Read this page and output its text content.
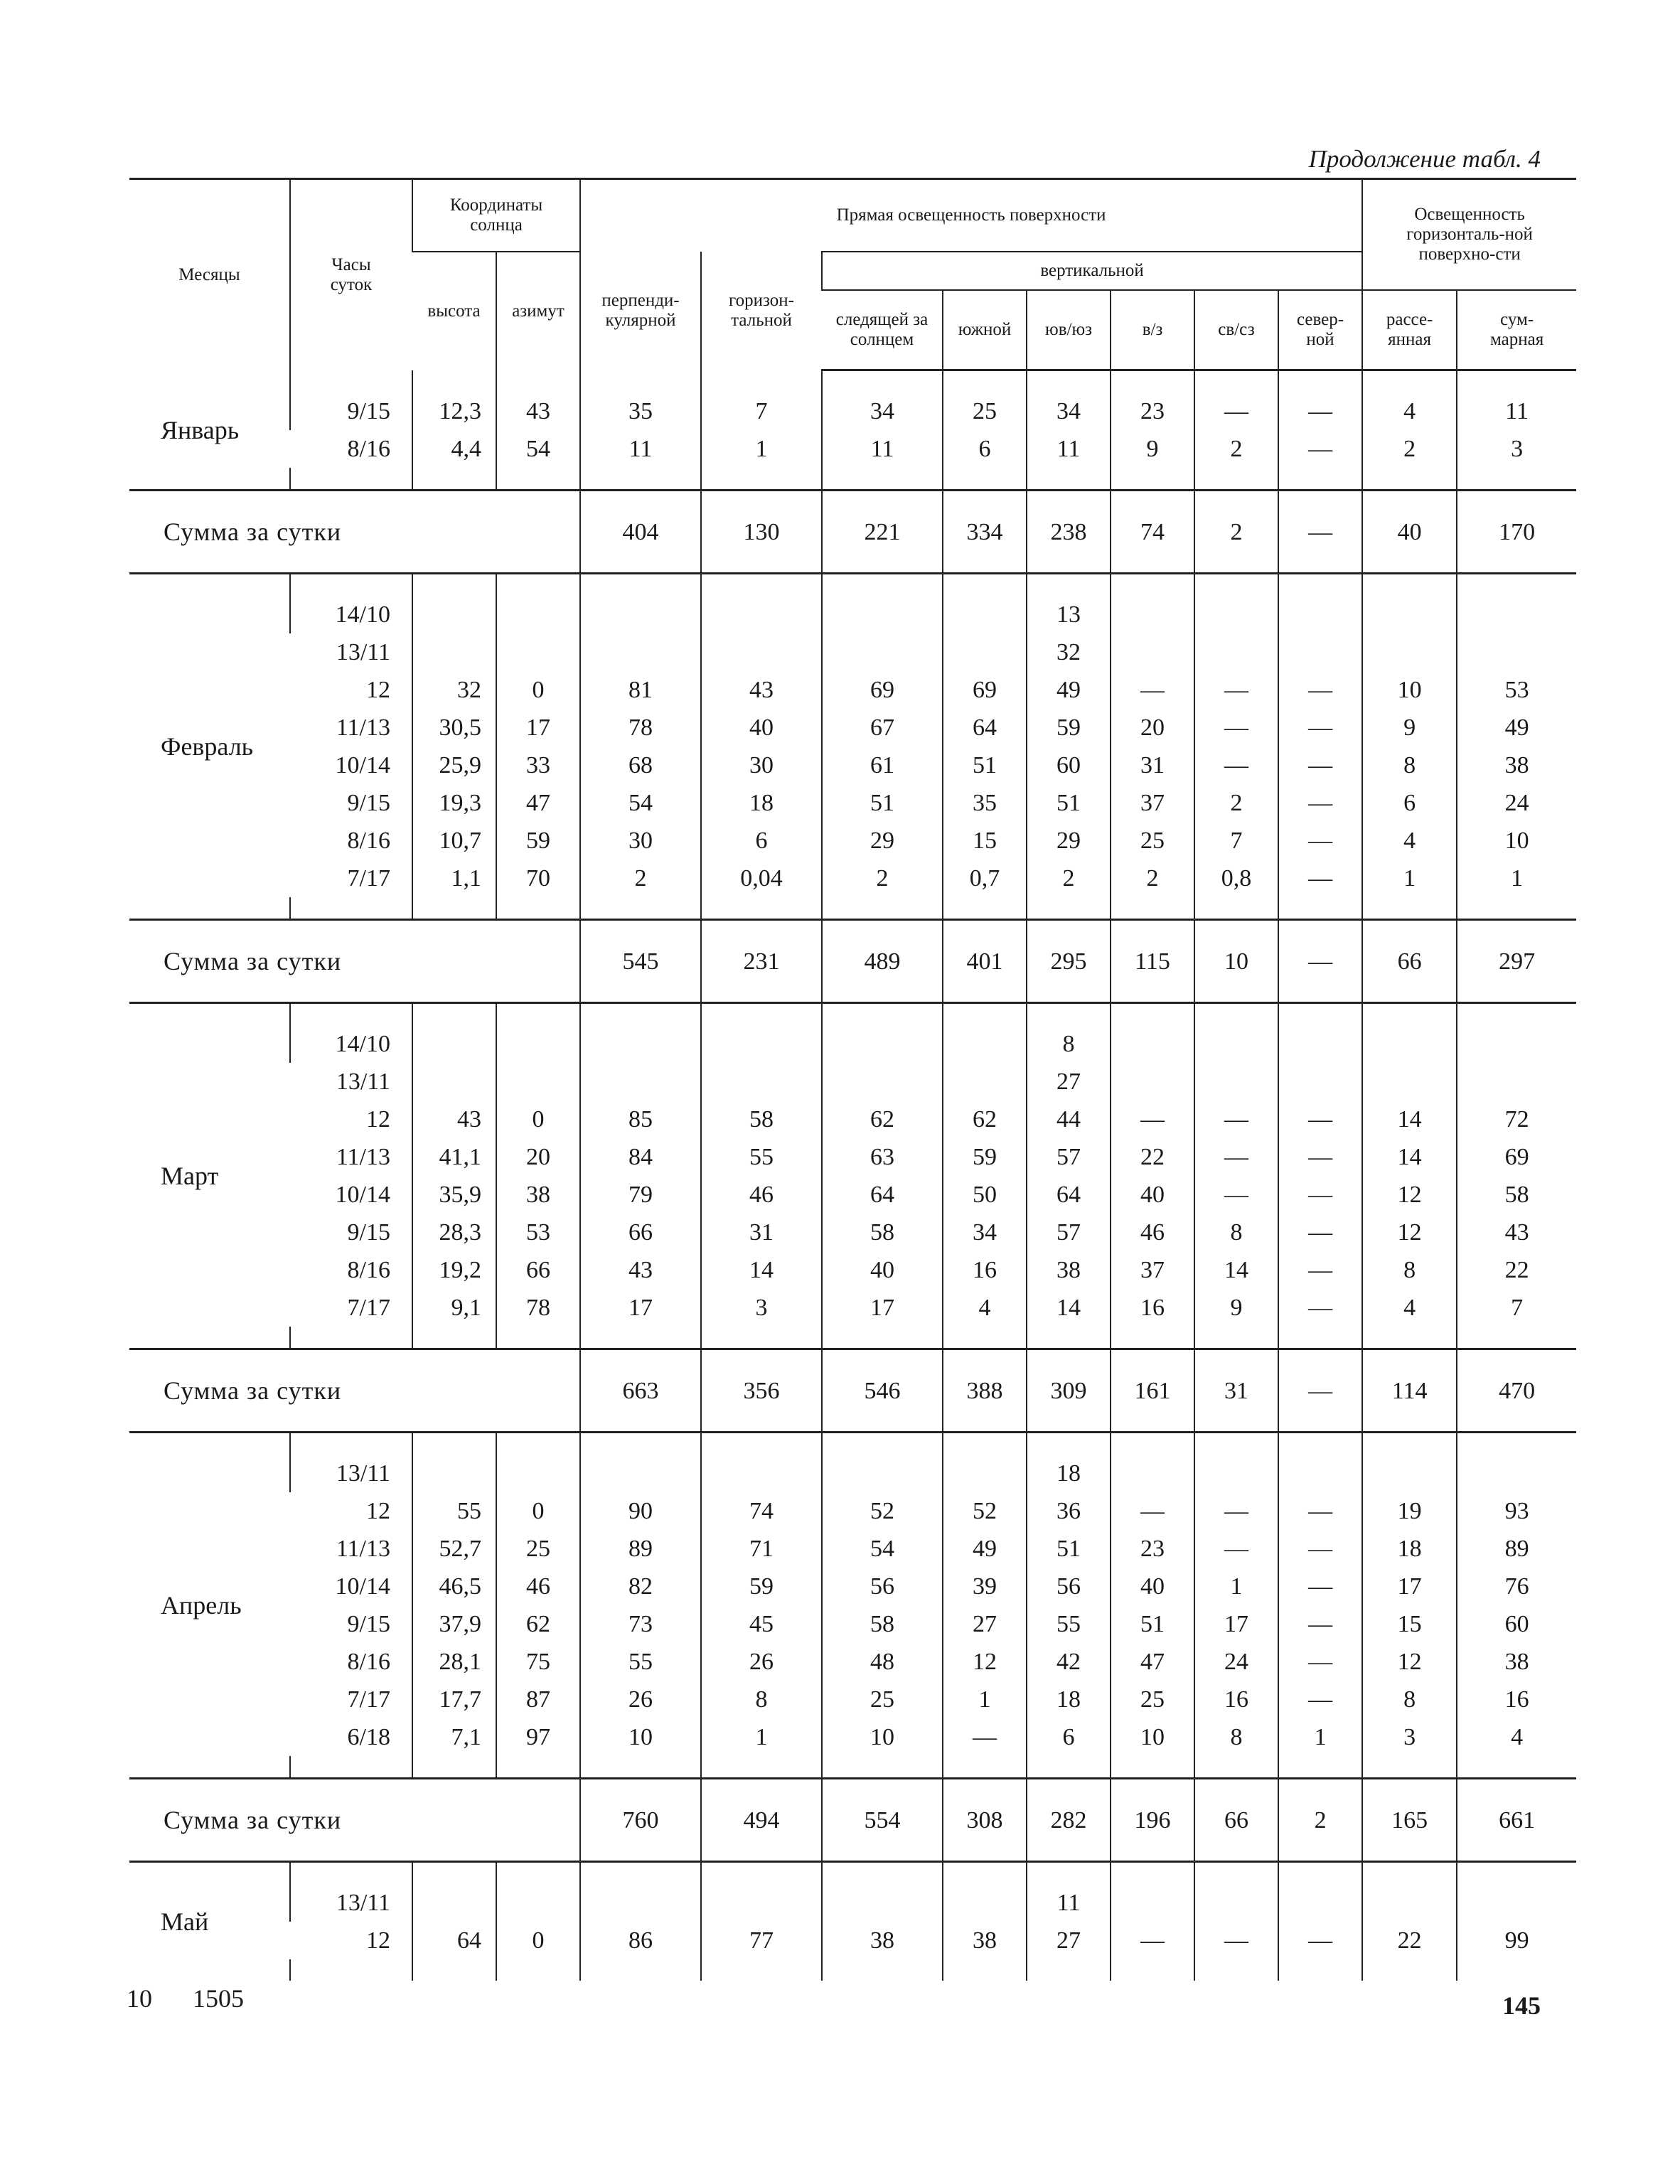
Продолжение табл. 4
Месяцы	Часы суток	Координаты солнца		Прямая освещенность поверхности								Освещенность горизонталь-ной поверхно-сти	
		высота	азимут	перпенди-кулярной	горизон-тальной	вертикальной							
						следящей за солнцем	южной	юв/юз	в/з	св/сз	север-ной	рассе-янная	сум-марная

Январь	9/15	12,3	43	35	7	34	25	34	23	—	—	4	11
	8/16	4,4	54	11	1	11	6	11	9	2	—	2	3

Сумма за сутки				404	130	221	334	238	74	2	—	40	170

Февраль	14/10							13					
	13/11							32					
	12	32	0	81	43	69	69	49	—	—	—	10	53
	11/13	30,5	17	78	40	67	64	59	20	—	—	9	49
	10/14	25,9	33	68	30	61	51	60	31	—	—	8	38
	9/15	19,3	47	54	18	51	35	51	37	2	—	6	24
	8/16	10,7	59	30	6	29	15	29	25	7	—	4	10
	7/17	1,1	70	2	0,04	2	0,7	2	2	0,8	—	1	1

Сумма за сутки				545	231	489	401	295	115	10	—	66	297

Март	14/10							8					
	13/11							27					
	12	43	0	85	58	62	62	44	—	—	—	14	72
	11/13	41,1	20	84	55	63	59	57	22	—	—	14	69
	10/14	35,9	38	79	46	64	50	64	40	—	—	12	58
	9/15	28,3	53	66	31	58	34	57	46	8	—	12	43
	8/16	19,2	66	43	14	40	16	38	37	14	—	8	22
	7/17	9,1	78	17	3	17	4	14	16	9	—	4	7

Сумма за сутки				663	356	546	388	309	161	31	—	114	470

Апрель	13/11							18					
	12	55	0	90	74	52	52	36	—	—	—	19	93
	11/13	52,7	25	89	71	54	49	51	23	—	—	18	89
	10/14	46,5	46	82	59	56	39	56	40	1	—	17	76
	9/15	37,9	62	73	45	58	27	55	51	17	—	15	60
	8/16	28,1	75	55	26	48	12	42	47	24	—	12	38
	7/17	17,7	87	26	8	25	1	18	25	16	—	8	16
	6/18	7,1	97	10	1	10	—	6	10	8	1	3	4

Сумма за сутки				760	494	554	308	282	196	66	2	165	661

Май	13/11							11					
	12	64	0	86	77	38	38	27	—	—	—	22	99

10 1505	145
